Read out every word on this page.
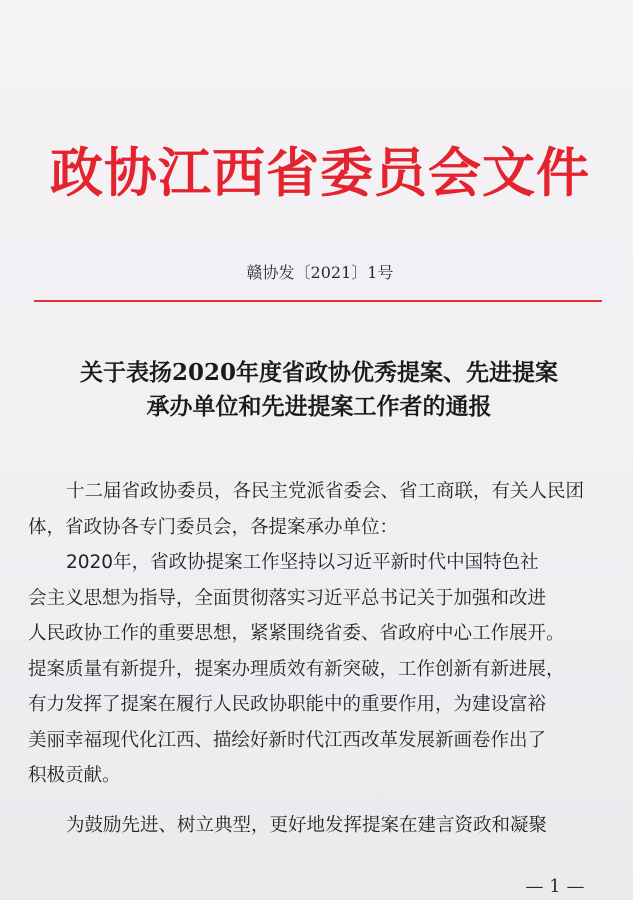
政协江西省委员会文件
赣协发〔2021〕1号
关于表扬2020年度省政协优秀提案、先进提案
承办单位和先进提案工作者的通报

十二届省政协委员，各民主党派省委会、省工商联，有关人民团
体，省政协各专门委员会，各提案承办单位：

2020年，省政协提案工作坚持以习近平新时代中国特色社
会主义思想为指导，全面贯彻落实习近平总书记关于加强和改进
人民政协工作的重要思想，紧紧围绕省委、省政府中心工作展开。
提案质量有新提升，提案办理质效有新突破，工作创新有新进展，
有力发挥了提案在履行人民政协职能中的重要作用，为建设富裕
美丽幸福现代化江西、描绘好新时代江西改革发展新画卷作出了
积极贡献。

为鼓励先进、树立典型，更好地发挥提案在建言资政和凝聚

— 1 —
